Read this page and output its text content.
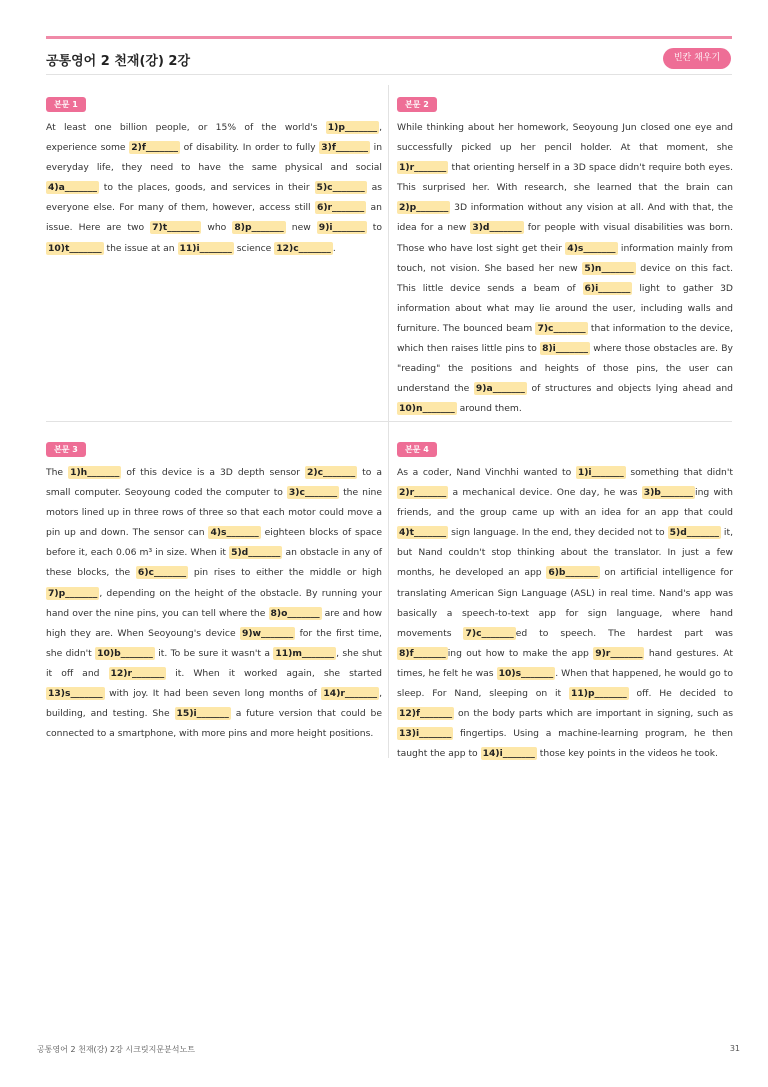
공통영어 2 천재(강) 2강	빈칸 채우기
본문 1
At least one billion people, or 15% of the world's 1)p_______ , experience some 2)f_______ of disability. In order to fully 3)f_______ in everyday life, they need to have the same physical and social 4)a_______ to the places, goods, and services in their 5)c_______ as everyone else. For many of them, however, access still 6)r_______ an issue. Here are two 7)t_______ who 8)p_______ new 9)i_______ to 10)t_______ the issue at an 11)i_______ science 12)c_______ .
본문 2
While thinking about her homework, Seoyoung Jun closed one eye and successfully picked up her pencil holder. At that moment, she 1)r_______ that orienting herself in a 3D space didn't require both eyes. This surprised her. With research, she learned that the brain can 2)p_______ 3D information without any vision at all. And with that, the idea for a new 3)d_______ for people with visual disabilities was born. Those who have lost sight get their 4)s_______ information mainly from touch, not vision. She based her new 5)n_______ device on this fact. This little device sends a beam of 6)i_______ light to gather 3D information about what may lie around the user, including walls and furniture. The bounced beam 7)c_______ that information to the device, which then raises little pins to 8)i_______ where those obstacles are. By "reading" the positions and heights of those pins, the user can understand the 9)a_______ of structures and objects lying ahead and 10)n_______ around them.
본문 3
The 1)h_______ of this device is a 3D depth sensor 2)c_______ to a small computer. Seoyoung coded the computer to 3)c_______ the nine motors lined up in three rows of three so that each motor could move a pin up and down. The sensor can 4)s_______ eighteen blocks of space before it, each 0.06 m³ in size. When it 5)d_______ an obstacle in any of these blocks, the 6)c_______ pin rises to either the middle or high 7)p_______ , depending on the height of the obstacle. By running your hand over the nine pins, you can tell where the 8)o_______ are and how high they are. When Seoyoung's device 9)w_______ for the first time, she didn't 10)b_______ it. To be sure it wasn't a 11)m_______ , she shut it off and 12)r_______ it. When it worked again, she started 13)s_______ with joy. It had been seven long months of 14)r_______ , building, and testing. She 15)i_______ a future version that could be connected to a smartphone, with more pins and more height positions.
본문 4
As a coder, Nand Vinchhi wanted to 1)i_______ something that didn't 2)r_______ a mechanical device. One day, he was 3)b_______ ing with friends, and the group came up with an idea for an app that could 4)t_______ sign language. In the end, they decided not to 5)d_______ it, but Nand couldn't stop thinking about the translator. In just a few months, he developed an app 6)b_______ on artificial intelligence for translating American Sign Language (ASL) in real time. Nand's app was basically a speech-to-text app for sign language, where hand movements 7)c_______ ed to speech. The hardest part was 8)f_______ ing out how to make the app 9)r_______ hand gestures. At times, he felt he was 10)s_______ . When that happened, he would go to sleep. For Nand, sleeping on it 11)p_______ off. He decided to 12)f_______ on the body parts which are important in signing, such as 13)i_______ fingertips. Using a machine-learning program, he then taught the app to 14)i_______ those key points in the videos he took.
공통영어 2 천재(강) 2강 시크릿지문분석노트	31
